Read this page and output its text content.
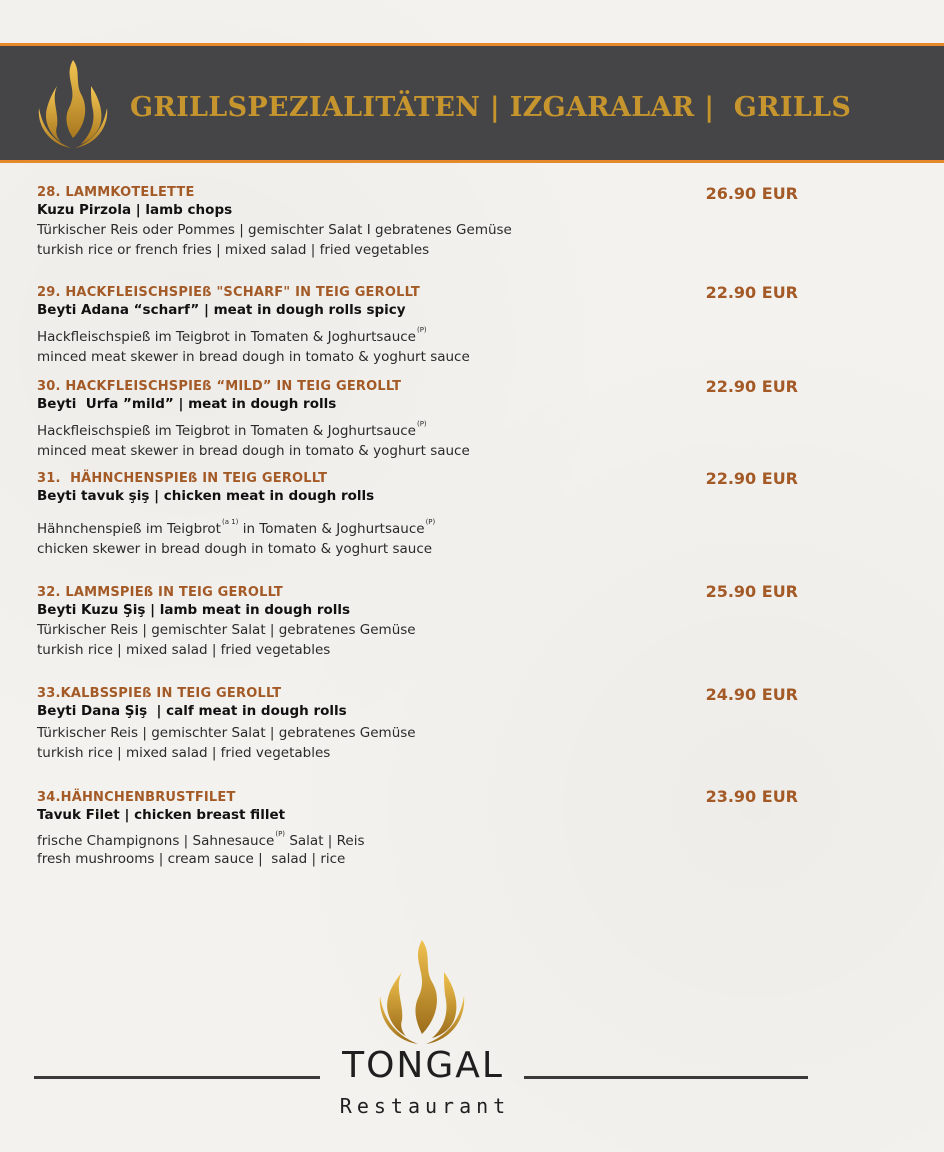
GRILLSPEZIALITÄTEN | IZGARALAR |  GRILLS
28. LAMMKOTELETTE
Kuzu Pirzola | lamb chops
Türkischer Reis oder Pommes | gemischter Salat I gebratenes Gemüse
turkish rice or french fries | mixed salad | fried vegetables
26.90 EUR
29. HACKFLEISCHSPIEß "SCHARF" IN TEIG GEROLLT
Beyti Adana “scharf” | meat in dough rolls spicy
Hackfleischspieß im Teigbrot in Tomaten & Joghurtsauce$^{(P)}$
minced meat skewer in bread dough in tomato & yoghurt sauce
22.90 EUR
30. HACKFLEISCHSPIEß “MILD” IN TEIG GEROLLT
Beyti  Urfa ”mild” | meat in dough rolls
Hackfleischspieß im Teigbrot in Tomaten & Joghurtsauce$^{(P)}$
minced meat skewer in bread dough in tomato & yoghurt sauce
22.90 EUR
31.  HÄHNCHENSPIEß IN TEIG GEROLLT
Beyti tavuk şiş | chicken meat in dough rolls
Hähnchenspieß im Teigbrot$^{(a 1)}$ in Tomaten & Joghurtsauce$^{(P)}$
chicken skewer in bread dough in tomato & yoghurt sauce
22.90 EUR
32. LAMMSPIEß IN TEIG GEROLLT
Beyti Kuzu Şiş | lamb meat in dough rolls
Türkischer Reis | gemischter Salat | gebratenes Gemüse
turkish rice | mixed salad | fried vegetables
25.90 EUR
33.KALBSSPIEß IN TEIG GEROLLT
Beyti Dana Şiş  | calf meat in dough rolls
Türkischer Reis | gemischter Salat | gebratenes Gemüse
turkish rice | mixed salad | fried vegetables
24.90 EUR
34.HÄHNCHENBRUSTFILET
Tavuk Filet | chicken breast fillet
frische Champignons | Sahnesauce$^{(P)}$ Salat | Reis
fresh mushrooms | cream sauce |  salad | rice
23.90 EUR
TONGAL
Restaurant
